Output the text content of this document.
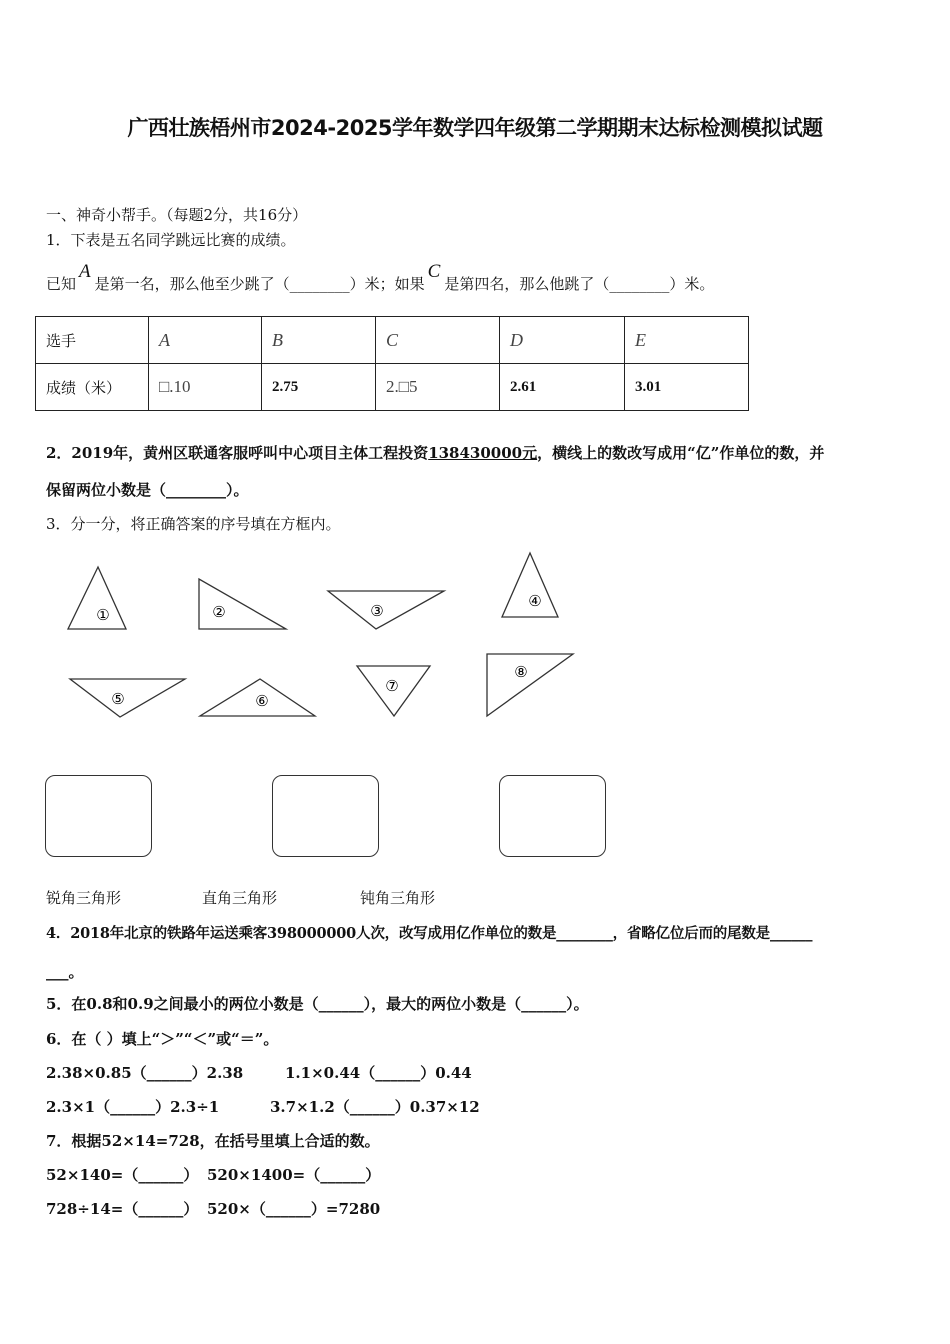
广西壮族梧州市2024-2025学年数学四年级第二学期期末达标检测模拟试题
一、神奇小帮手。（每题2分，共16分）
1．下表是五名同学跳远比赛的成绩。
已知A是第一名，那么他至少跳了（________）米；如果C是第四名，那么他跳了（________）米。
选手	A	B	C	D	E
成绩（米）	□.10	2.75	2.□5	2.61	3.01
2．2019年，黄州区联通客服呼叫中心项目主体工程投资138430000元，横线上的数改写成用“亿”作单位的数，并
保留两位小数是（________）。
3．分一分，将正确答案的序号填在方框内。
①	②	③
④
⑤	⑥
⑦
⑧
锐角三角形	直角三角形	钝角三角形
4．2018年北京的铁路年运送乘客398000000人次，改写成用亿作单位的数是________，省略亿位后而的尾数是______
___。
5．在0.8和0.9之间最小的两位小数是（______），最大的两位小数是（______）。
6．在（ ）填上“＞”“＜”或“＝”。
2.38×0.85（______）2.38	1.1×0.44（______）0.44
2.3×1（______）2.3÷1	3.7×1.2（______）0.37×12
7．根据52×14=728，在括号里填上合适的数。
52×140=（______） 520×1400=（______）
728÷14=（______） 520×（______）=7280
